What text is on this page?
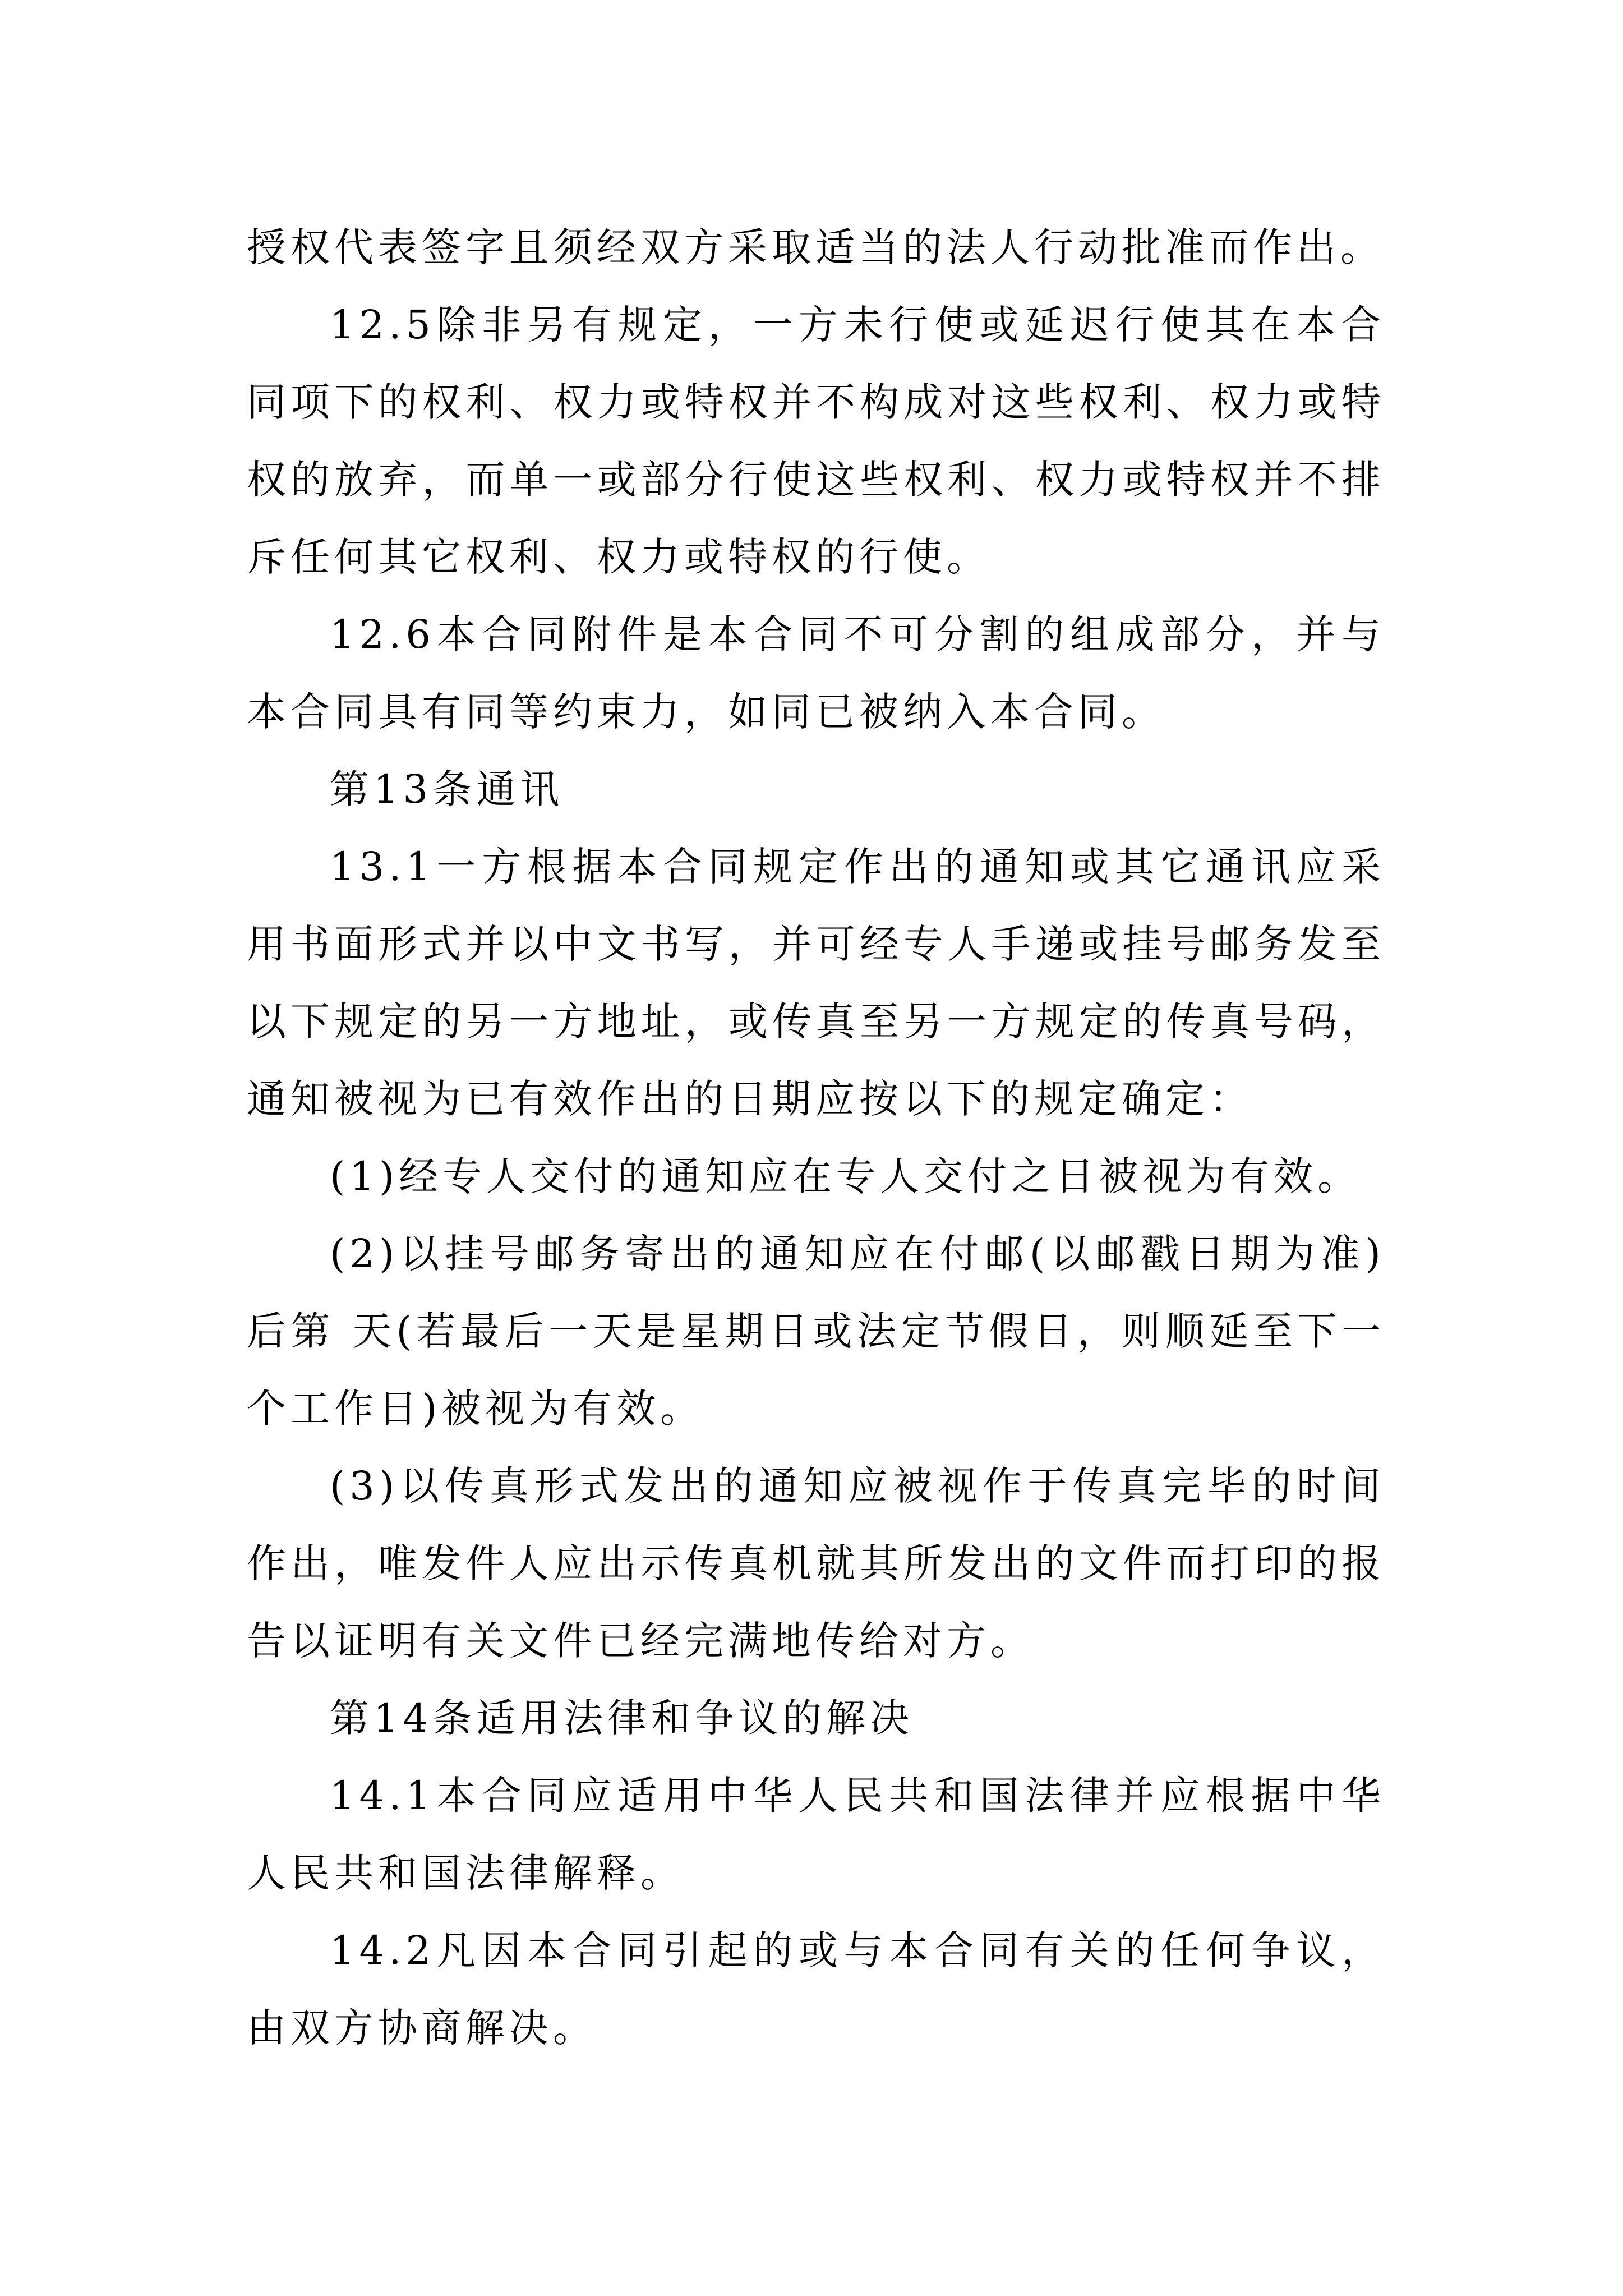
授权代表签字且须经双方采取适当的法人行动批准而作出。

12.5除非另有规定，一方未行使或延迟行使其在本合同项下的权利、权力或特权并不构成对这些权利、权力或特权的放弃，而单一或部分行使这些权利、权力或特权并不排斥任何其它权利、权力或特权的行使。

12.6本合同附件是本合同不可分割的组成部分，并与本合同具有同等约束力，如同已被纳入本合同。

第13条通讯

13.1一方根据本合同规定作出的通知或其它通讯应采用书面形式并以中文书写，并可经专人手递或挂号邮务发至以下规定的另一方地址，或传真至另一方规定的传真号码，通知被视为已有效作出的日期应按以下的规定确定：

(1)经专人交付的通知应在专人交付之日被视为有效。

(2)以挂号邮务寄出的通知应在付邮(以邮戳日期为准)后第 天(若最后一天是星期日或法定节假日，则顺延至下一个工作日)被视为有效。

(3)以传真形式发出的通知应被视作于传真完毕的时间作出，唯发件人应出示传真机就其所发出的文件而打印的报告以证明有关文件已经完满地传给对方。

第14条适用法律和争议的解决

14.1本合同应适用中华人民共和国法律并应根据中华人民共和国法律解释。

14.2凡因本合同引起的或与本合同有关的任何争议，由双方协商解决。
